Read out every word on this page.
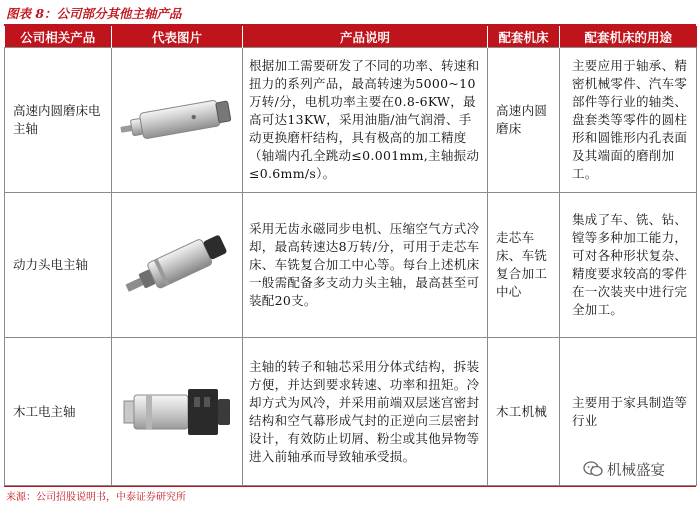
图表 8：公司部分其他主轴产品
公司相关产品	代表图片	产品说明	配套机床	配套机床的用途
高速内圆磨床电主轴		根据加工需要研发了不同的功率、转速和扭力的系列产品，最高转速为5000~10万转/分，电机功率主要在0.8-6KW，最高可达13KW，采用油脂/油气润滑、手动更换磨杆结构，具有极高的加工精度（轴端内孔全跳动≤0.001mm,主轴振动≤0.6mm/s）。	高速内圆磨床	主要应用于轴承、精密机械零件、汽车零部件等行业的轴类、盘套类等零件的圆柱形和圆锥形内孔表面及其端面的磨削加工。
动力头电主轴		采用无齿永磁同步电机、压缩空气方式冷却，最高转速达8万转/分，可用于走芯车床、车铣复合加工中心等。每台上述机床一般需配备多支动力头主轴，最高甚至可装配20支。	走芯车床、车铣复合加工中心	集成了车、铣、钻、镗等多种加工能力，可对各种形状复杂、精度要求较高的零件在一次装夹中进行完全加工。
木工电主轴		主轴的转子和轴芯采用分体式结构，拆装方便，并达到要求转速、功率和扭矩。冷却方式为风冷，并采用前端双层迷宫密封结构和空气幕形成气封的正逆向三层密封设计，有效防止切屑、粉尘或其他异物等进入前轴承而导致轴承受损。	木工机械	主要用于家具制造等行业
机械盛宴
来源：公司招股说明书，中泰证券研究所
